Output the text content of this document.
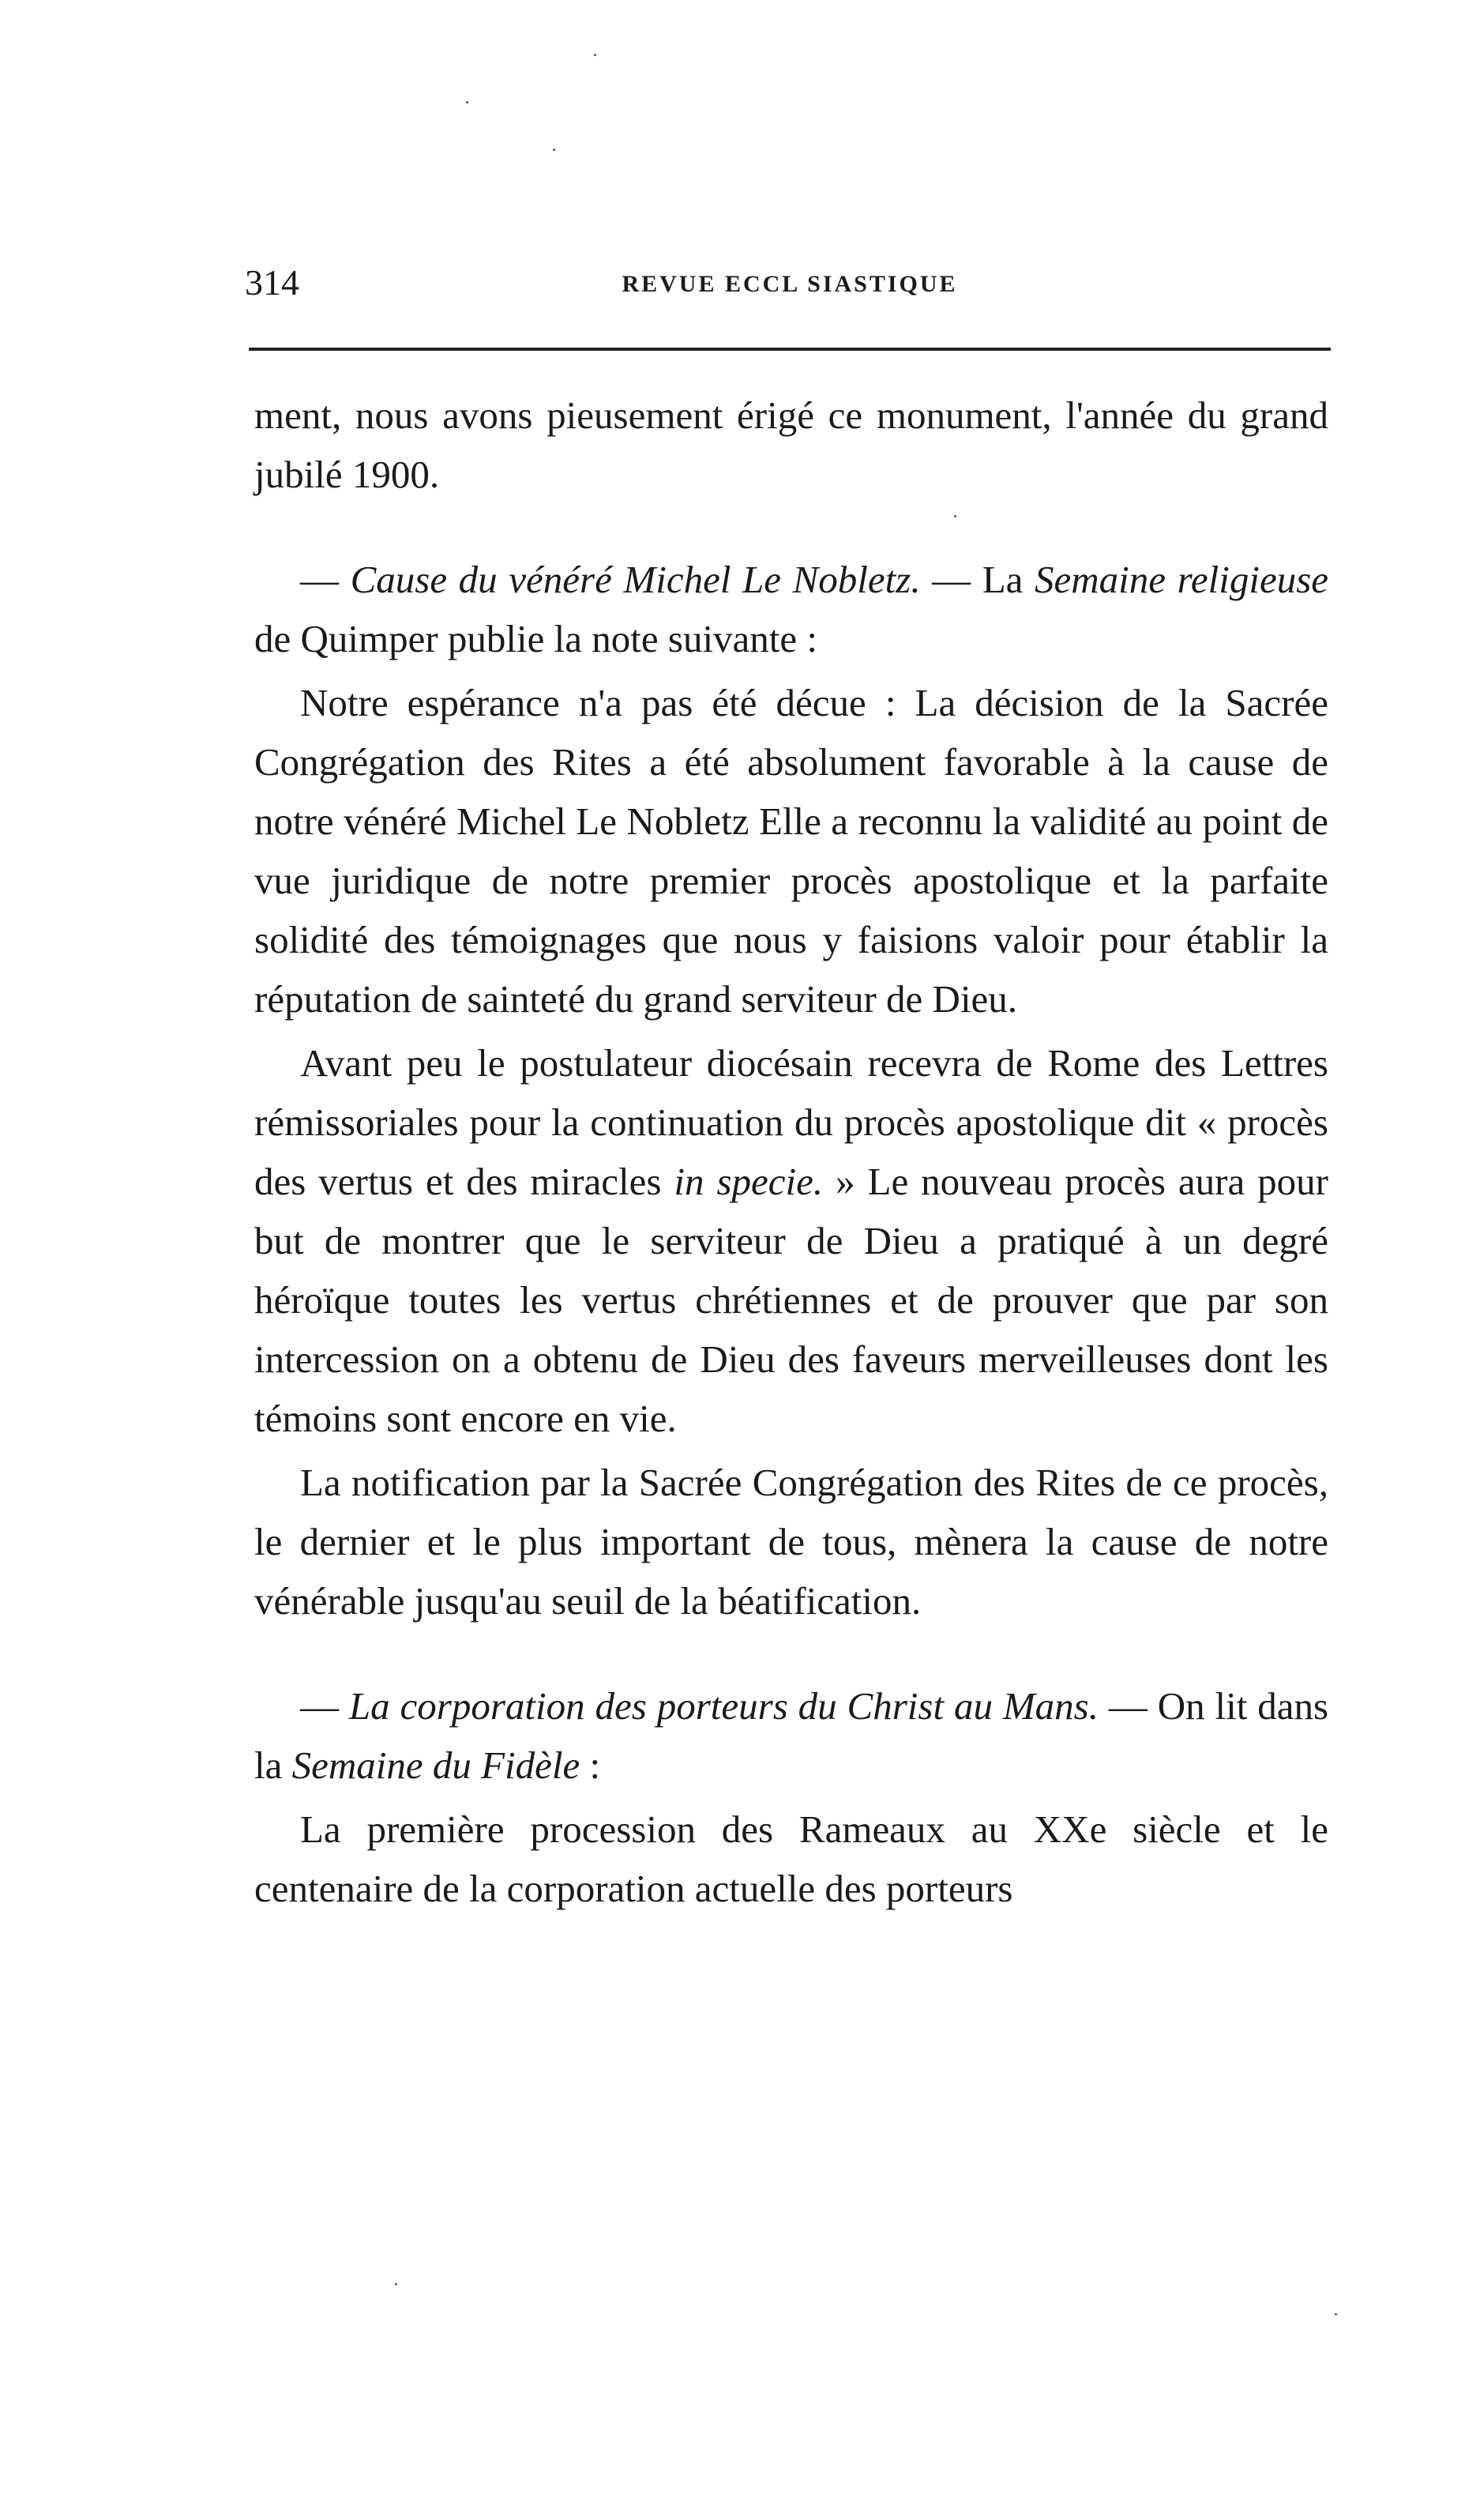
314	REVUE ECCL SIASTIQUE

ment, nous avons pieusement érigé ce monument, l'année du grand jubilé 1900.

— Cause du vénéré Michel Le Nobletz. — La Semaine religieuse de Quimper publie la note suivante :

Notre espérance n'a pas été décue : La décision de la Sacrée Congrégation des Rites a été absolument favorable à la cause de notre vénéré Michel Le Nobletz Elle a reconnu la validité au point de vue juridique de notre premier procès apostolique et la parfaite solidité des témoignages que nous y faisions valoir pour établir la réputation de sainteté du grand serviteur de Dieu.

Avant peu le postulateur diocésain recevra de Rome des Lettres rémissoriales pour la continuation du procès apostolique dit « procès des vertus et des miracles in specie. » Le nouveau procès aura pour but de montrer que le serviteur de Dieu a pratiqué à un degré héroïque toutes les vertus chrétiennes et de prouver que par son intercession on a obtenu de Dieu des faveurs merveilleuses dont les témoins sont encore en vie.

La notification par la Sacrée Congrégation des Rites de ce procès, le dernier et le plus important de tous, mènera la cause de notre vénérable jusqu'au seuil de la béatification.

— La corporation des porteurs du Christ au Mans. — On lit dans la Semaine du Fidèle :

La première procession des Rameaux au XXe siècle et le centenaire de la corporation actuelle des porteurs
